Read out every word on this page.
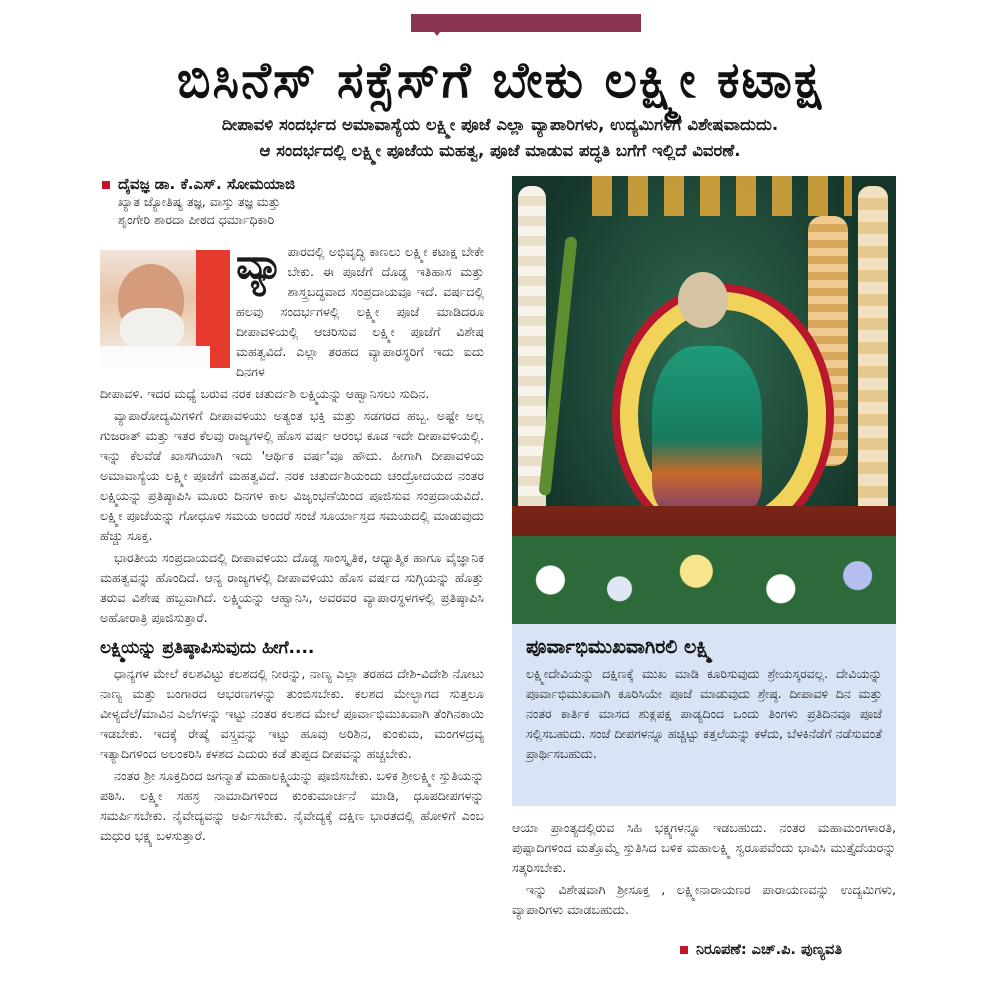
ಬಿಸಿನೆಸ್ ಸಕ್ಸೆಸ್‌ಗೆ ಬೇಕು ಲಕ್ಷ್ಮೀ ಕಟಾಕ್ಷ
ದೀಪಾವಳಿ ಸಂದರ್ಭದ ಅಮಾವಾಸ್ಯೆಯ ಲಕ್ಷ್ಮೀ ಪೂಜೆ ಎಲ್ಲಾ ವ್ಯಾಪಾರಿಗಳು, ಉದ್ಯಮಿಗಳಿಗೆ ವಿಶೇಷವಾದುದು.
ಆ ಸಂದರ್ಭದಲ್ಲಿ ಲಕ್ಷ್ಮೀ ಪೂಜೆಯ ಮಹತ್ವ, ಪೂಜೆ ಮಾಡುವ ಪದ್ಧತಿ ಬಗೆಗೆ ಇಲ್ಲಿದೆ ವಿವರಣೆ.
ದೈವಜ್ಞ ಡಾ. ಕೆ.ಎಸ್. ಸೋಮಯಾಜಿ
ಖ್ಯಾತ ಜ್ಯೋತಿಷ್ಯ ತಜ್ಞ, ವಾಸ್ತು ತಜ್ಞ ಮತ್ತು
ಶೃಂಗೇರಿ ಶಾರದಾ ಪೀಠದ ಧರ್ಮಾಧಿಕಾರಿ

ವ್ಯಾ ಪಾರದಲ್ಲಿ ಅಭಿವೃದ್ಧಿ ಕಾಣಲು ಲಕ್ಷ್ಮೀ ಕಟಾಕ್ಷ ಬೇಕೇ ಬೇಕು. ಈ ಪೂಜೆಗೆ ದೊಡ್ಡ ಇತಿಹಾಸ ಮತ್ತು ಶಾಸ್ತ್ರಬದ್ಧವಾದ ಸಂಪ್ರದಾಯವೂ ಇದೆ. ವರ್ಷದಲ್ಲಿ ಹಲವು ಸಂದರ್ಭಗಳಲ್ಲಿ ಲಕ್ಷ್ಮೀ ಪೂಜೆ ಮಾಡಿದರೂ ದೀಪಾವಳಿಯಲ್ಲಿ ಆಚರಿಸುವ ಲಕ್ಷ್ಮೀ ಪೂಜೆಗೆ ವಿಶೇಷ ಮಹತ್ವವಿದೆ. ಎಲ್ಲಾ ತರಹದ ವ್ಯಾಪಾರಸ್ಥರಿಗೆ ಇದು ಐದು ದಿನಗಳ

ದೀಪಾವಳಿ. ಇದರ ಮಧ್ಯೆ ಬರುವ ನರಕ ಚತುರ್ದಶಿ ಲಕ್ಷ್ಮಿಯನ್ನು ಆಹ್ವಾನಿಸಲು ಸುದಿನ.

ವ್ಯಾಪಾರೋದ್ಯಮಿಗಳಿಗೆ ದೀಪಾವಳಿಯು ಅತ್ಯಂತ ಭಕ್ತಿ ಮತ್ತು ಸಡಗರದ ಹಬ್ಬ. ಅಷ್ಟೇ ಅಲ್ಲ ಗುಜರಾತ್ ಮತ್ತು ಇತರ ಕೆಲವು ರಾಜ್ಯಗಳಲ್ಲಿ ಹೊಸ ವರ್ಷ ಆರಂಭ ಕೂಡ ಇದೇ ದೀಪಾವಳಿಯಲ್ಲಿ. ಇನ್ನು ಕೆಲವೆಡೆ ಖಾಸಗಿಯಾಗಿ ಇದು 'ಆರ್ಥಿಕ ವರ್ಷ'ವೂ ಹೌದು. ಹೀಗಾಗಿ ದೀಪಾವಳಿಯ ಅಮಾವಾಸ್ಯೆಯ ಲಕ್ಷ್ಮೀ ಪೂಜೆಗೆ ಮಹತ್ವವಿದೆ. ನರಕ ಚತುರ್ದಶಿಯಂದು ಚಂದ್ರೋದಯದ ನಂತರ ಲಕ್ಷ್ಮಿಯನ್ನು ಪ್ರತಿಷ್ಠಾಪಿಸಿ ಮೂರು ದಿನಗಳ ಕಾಲ ವಿಜೃಂಭಣೆಯಿಂದ ಪೂಜಿಸುವ ಸಂಪ್ರದಾಯವಿದೆ. ಲಕ್ಷ್ಮೀ ಪೂಜೆಯನ್ನು ಗೋಧೂಳಿ ಸಮಯ ಅಂದರೆ ಸಂಜೆ ಸೂರ್ಯಾಸ್ತದ ಸಮಯದಲ್ಲಿ ಮಾಡುವುದು ಹೆಚ್ಚು ಸೂಕ್ತ.

ಭಾರತೀಯ ಸಂಪ್ರದಾಯದಲ್ಲಿ ದೀಪಾವಳಿಯು ದೊಡ್ಡ ಸಾಂಸ್ಕೃತಿಕ, ಆಧ್ಯಾತ್ಮಿಕ ಹಾಗೂ ವೈಜ್ಞಾನಿಕ ಮಹತ್ವವನ್ನು ಹೊಂದಿದೆ. ಆನ್ಯ ರಾಜ್ಯಗಳಲ್ಲಿ ದೀಪಾವಳಿಯು ಹೊಸ ವರ್ಷದ ಸುಗ್ಗಿಯನ್ನು ಹೊತ್ತು ತರುವ ವಿಶೇಷ ಹಬ್ಬವಾಗಿದೆ. ಲಕ್ಷ್ಮಿಯನ್ನು ಆಹ್ವಾನಿಸಿ, ಅವರವರ ವ್ಯಾಪಾರಸ್ಥಳಗಳಲ್ಲಿ ಪ್ರತಿಷ್ಠಾಪಿಸಿ ಅಹೋರಾತ್ರಿ ಪೂಜಿಸುತ್ತಾರೆ.

ಲಕ್ಷ್ಮಿಯನ್ನು ಪ್ರತಿಷ್ಠಾಪಿಸುವುದು ಹೀಗೆ....

ಧಾನ್ಯಗಳ ಮೇಲೆ ಕಲಶವಿಟ್ಟು ಕಲಶದಲ್ಲಿ ನೀರನ್ನು, ನಾಣ್ಯ ಎಲ್ಲಾ ತರಹದ ದೇಶಿ-ವಿದೇಶಿ ನೋಟು ನಾಣ್ಯ ಮತ್ತು ಬಂಗಾರದ ಆಭರಣಗಳನ್ನು ತುಂಬಿಸಬೇಕು. ಕಲಶದ ಮೇಲ್ಭಾಗದ ಸುತ್ತಲೂ ವೀಳ್ಯದೆಲೆ/ಮಾವಿನ ಎಲೆಗಳನ್ನು ಇಟ್ಟು ನಂತರ ಕಲಶದ ಮೇಲೆ ಪೂರ್ವಾಭಿಮುಖವಾಗಿ ತೆಂಗಿನಕಾಯಿ ಇಡಬೇಕು. ಇದಕ್ಕೆ ರೇಷ್ಮೆ ವಸ್ತ್ರವನ್ನು ಇಟ್ಟು ಹೂವು ಅರಿಶಿನ, ಕುಂಕುಮ, ಮಂಗಳದ್ರವ್ಯ ಇತ್ಯಾದಿಗಳಿಂದ ಅಲಂಕರಿಸಿ ಕಳಶದ ಎದುರು ಕಡೆ ತುಪ್ಪದ ದೀಪವನ್ನು ಹಚ್ಚಬೇಕು.

ನಂತರ ಶ್ರೀ ಸೂಕ್ತದಿಂದ ಜಗನ್ಮಾತೆ ಮಹಾಲಕ್ಷ್ಮಿಯನ್ನು ಪೂಜಿಸಬೇಕು. ಬಳಿಕ ಶ್ರೀಲಕ್ಷ್ಮೀ ಸ್ತುತಿಯನ್ನು ಪಠಿಸಿ. ಲಕ್ಷ್ಮೀ ಸಹಸ್ರ ನಾಮಾದಿಗಳಿಂದ ಕುಂಕುಮಾರ್ಚನೆ ಮಾಡಿ, ಧೂಪದೀಪಗಳನ್ನು ಸಮರ್ಪಿಸಬೇಕು. ನೈವೇದ್ಯವನ್ನು ಅರ್ಪಿಸಬೇಕು. ನೈವೇದ್ಯಕ್ಕೆ ದಕ್ಷಿಣ ಭಾರತದಲ್ಲಿ ಹೋಳಿಗೆ ಎಂಬ ಮಧುರ ಭಕ್ಷ್ಯ ಬಳಸುತ್ತಾರೆ.

ಪೂರ್ವಾಭಿಮುಖವಾಗಿರಲಿ ಲಕ್ಷ್ಮಿ
ಲಕ್ಷ್ಮೀದೇವಿಯನ್ನು ದಕ್ಷಿಣಕ್ಕೆ ಮುಖ ಮಾಡಿ ಕೂರಿಸುವುದು ಶ್ರೇಯಸ್ಕರವಲ್ಲ. ದೇವಿಯನ್ನು ಪೂರ್ವಾಭಿಮುಖವಾಗಿ ಕೂರಿಸಿಯೇ ಪೂಜೆ ಮಾಡುವುದು ಶ್ರೇಷ್ಠ. ದೀಪಾವಳಿ ದಿನ ಮತ್ತು ನಂತರ ಕಾರ್ತಿಕ ಮಾಸದ ಶುಕ್ಲಪಕ್ಷ ಪಾಡ್ಯದಿಂದ ಒಂದು ತಿಂಗಳು ಪ್ರತಿದಿನವೂ ಪೂಜೆ ಸಲ್ಲಿಸಬಹುದು. ಸಂಜೆ ದೀಪಗಳನ್ನೂ ಹಚ್ಚಿಟ್ಟು ಕತ್ತಲೆಯನ್ನು ಕಳೆದು, ಬೆಳಕಿನೆಡೆಗೆ ನಡೆಸುವಂತೆ ಪ್ರಾರ್ಥಿಸಬಹುದು.

ಆಯಾ ಪ್ರಾಂತ್ಯದಲ್ಲಿರುವ ಸಿಹಿ ಭಕ್ಷ್ಯಗಳನ್ನೂ ಇಡಬಹುದು. ನಂತರ ಮಹಾಮಂಗಳಾರತಿ, ಪುಷ್ಪಾದಿಗಳಿಂದ ಮತ್ತೊಮ್ಮೆ ಸ್ತುತಿಸಿದ ಬಳಿಕ ಮಹಾಲಕ್ಷ್ಮಿ ಸ್ವರೂಪವೆಂದು ಭಾವಿಸಿ ಮುತ್ತೈದೆಯರನ್ನು ಸತ್ಕರಿಸಬೇಕು.

ಇನ್ನು ವಿಶೇಷವಾಗಿ ಶ್ರೀಸೂಕ್ತ , ಲಕ್ಷ್ಮೀನಾರಾಯಣರ ಪಾರಾಯಣವನ್ನು ಉದ್ಯಮಿಗಳು, ವ್ಯಾಪಾರಿಗಳು ಮಾಡಬಹುದು.

ನಿರೂಪಣೆ: ಎಚ್.ಪಿ. ಪುಣ್ಯವತಿ
